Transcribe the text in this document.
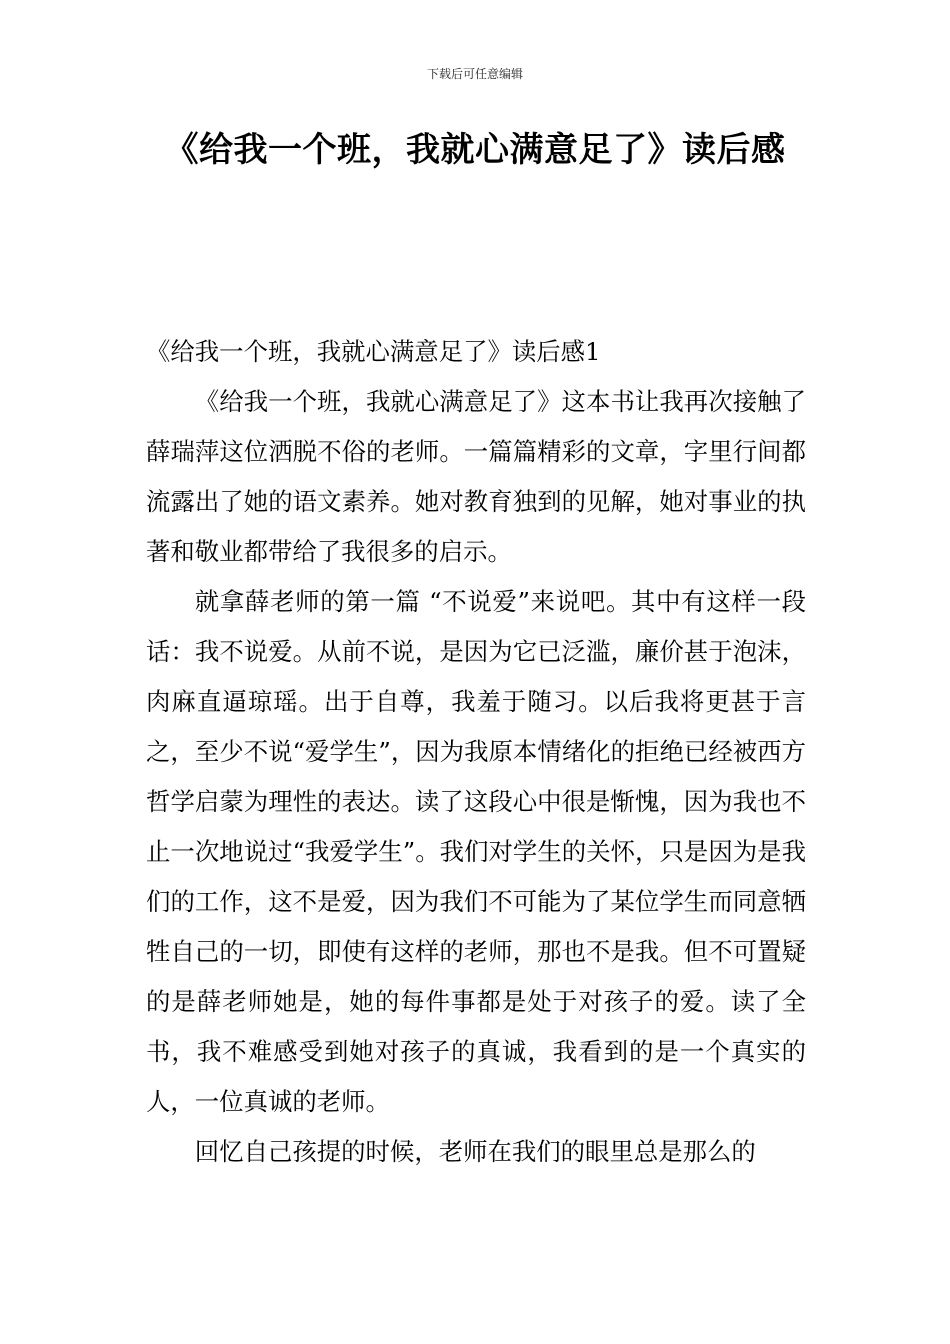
下载后可任意编辑
《给我一个班，我就心满意足了》读后感

《给我一个班，我就心满意足了》读后感1

《给我一个班，我就心满意足了》这本书让我再次接触了薛瑞萍这位洒脱不俗的老师。一篇篇精彩的文章，字里行间都流露出了她的语文素养。她对教育独到的见解，她对事业的执著和敬业都带给了我很多的启示。

就拿薛老师的第一篇 “不说爱”来说吧。其中有这样一段话：我不说爱。从前不说，是因为它已泛滥，廉价甚于泡沫，肉麻直逼琼瑶。出于自尊，我羞于随习。以后我将更甚于言之，至少不说“爱学生”，因为我原本情绪化的拒绝已经被西方哲学启蒙为理性的表达。读了这段心中很是惭愧，因为我也不止一次地说过“我爱学生”。我们对学生的关怀，只是因为是我们的工作，这不是爱，因为我们不可能为了某位学生而同意牺牲自己的一切，即使有这样的老师，那也不是我。但不可置疑的是薛老师她是，她的每件事都是处于对孩子的爱。读了全书，我不难感受到她对孩子的真诚，我看到的是一个真实的人，一位真诚的老师。

回忆自己孩提的时候，老师在我们的眼里总是那么的
